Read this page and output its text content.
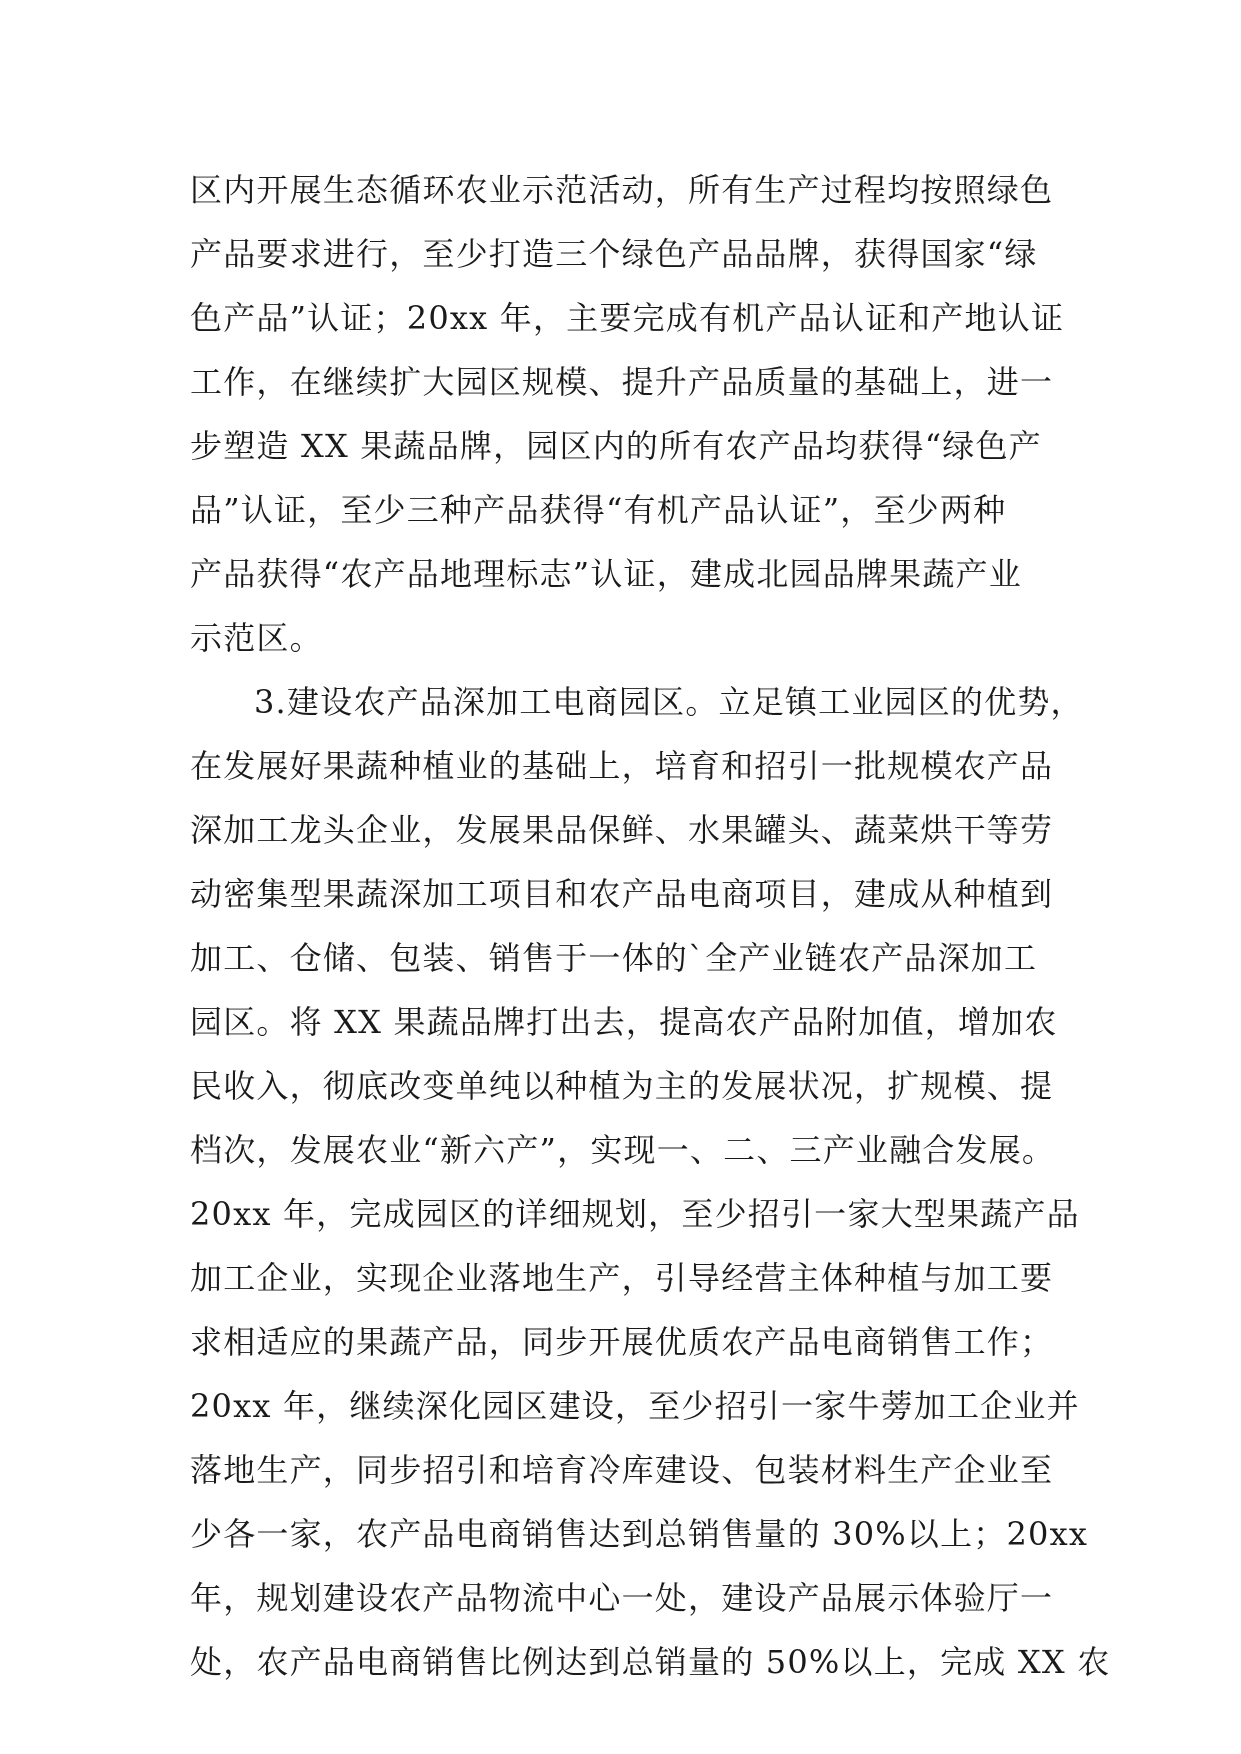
区内开展生态循环农业示范活动，所有生产过程均按照绿色
产品要求进行，至少打造三个绿色产品品牌，获得国家“绿
色产品”认证；20xx 年，主要完成有机产品认证和产地认证
工作，在继续扩大园区规模、提升产品质量的基础上，进一
步塑造 XX 果蔬品牌，园区内的所有农产品均获得“绿色产
品”认证，至少三种产品获得“有机产品认证”，至少两种
产品获得“农产品地理标志”认证，建成北园品牌果蔬产业
示范区。
3.建设农产品深加工电商园区。立足镇工业园区的优势，
在发展好果蔬种植业的基础上，培育和招引一批规模农产品
深加工龙头企业，发展果品保鲜、水果罐头、蔬菜烘干等劳
动密集型果蔬深加工项目和农产品电商项目，建成从种植到
加工、仓储、包装、销售于一体的`全产业链农产品深加工
园区。将 XX 果蔬品牌打出去，提高农产品附加值，增加农
民收入，彻底改变单纯以种植为主的发展状况，扩规模、提
档次，发展农业“新六产”，实现一、二、三产业融合发展。
20xx 年，完成园区的详细规划，至少招引一家大型果蔬产品
加工企业，实现企业落地生产，引导经营主体种植与加工要
求相适应的果蔬产品，同步开展优质农产品电商销售工作；
20xx 年，继续深化园区建设，至少招引一家牛蒡加工企业并
落地生产，同步招引和培育冷库建设、包装材料生产企业至
少各一家，农产品电商销售达到总销售量的 30%以上；20xx
年，规划建设农产品物流中心一处，建设产品展示体验厅一
处，农产品电商销售比例达到总销量的 50%以上，完成 XX 农
